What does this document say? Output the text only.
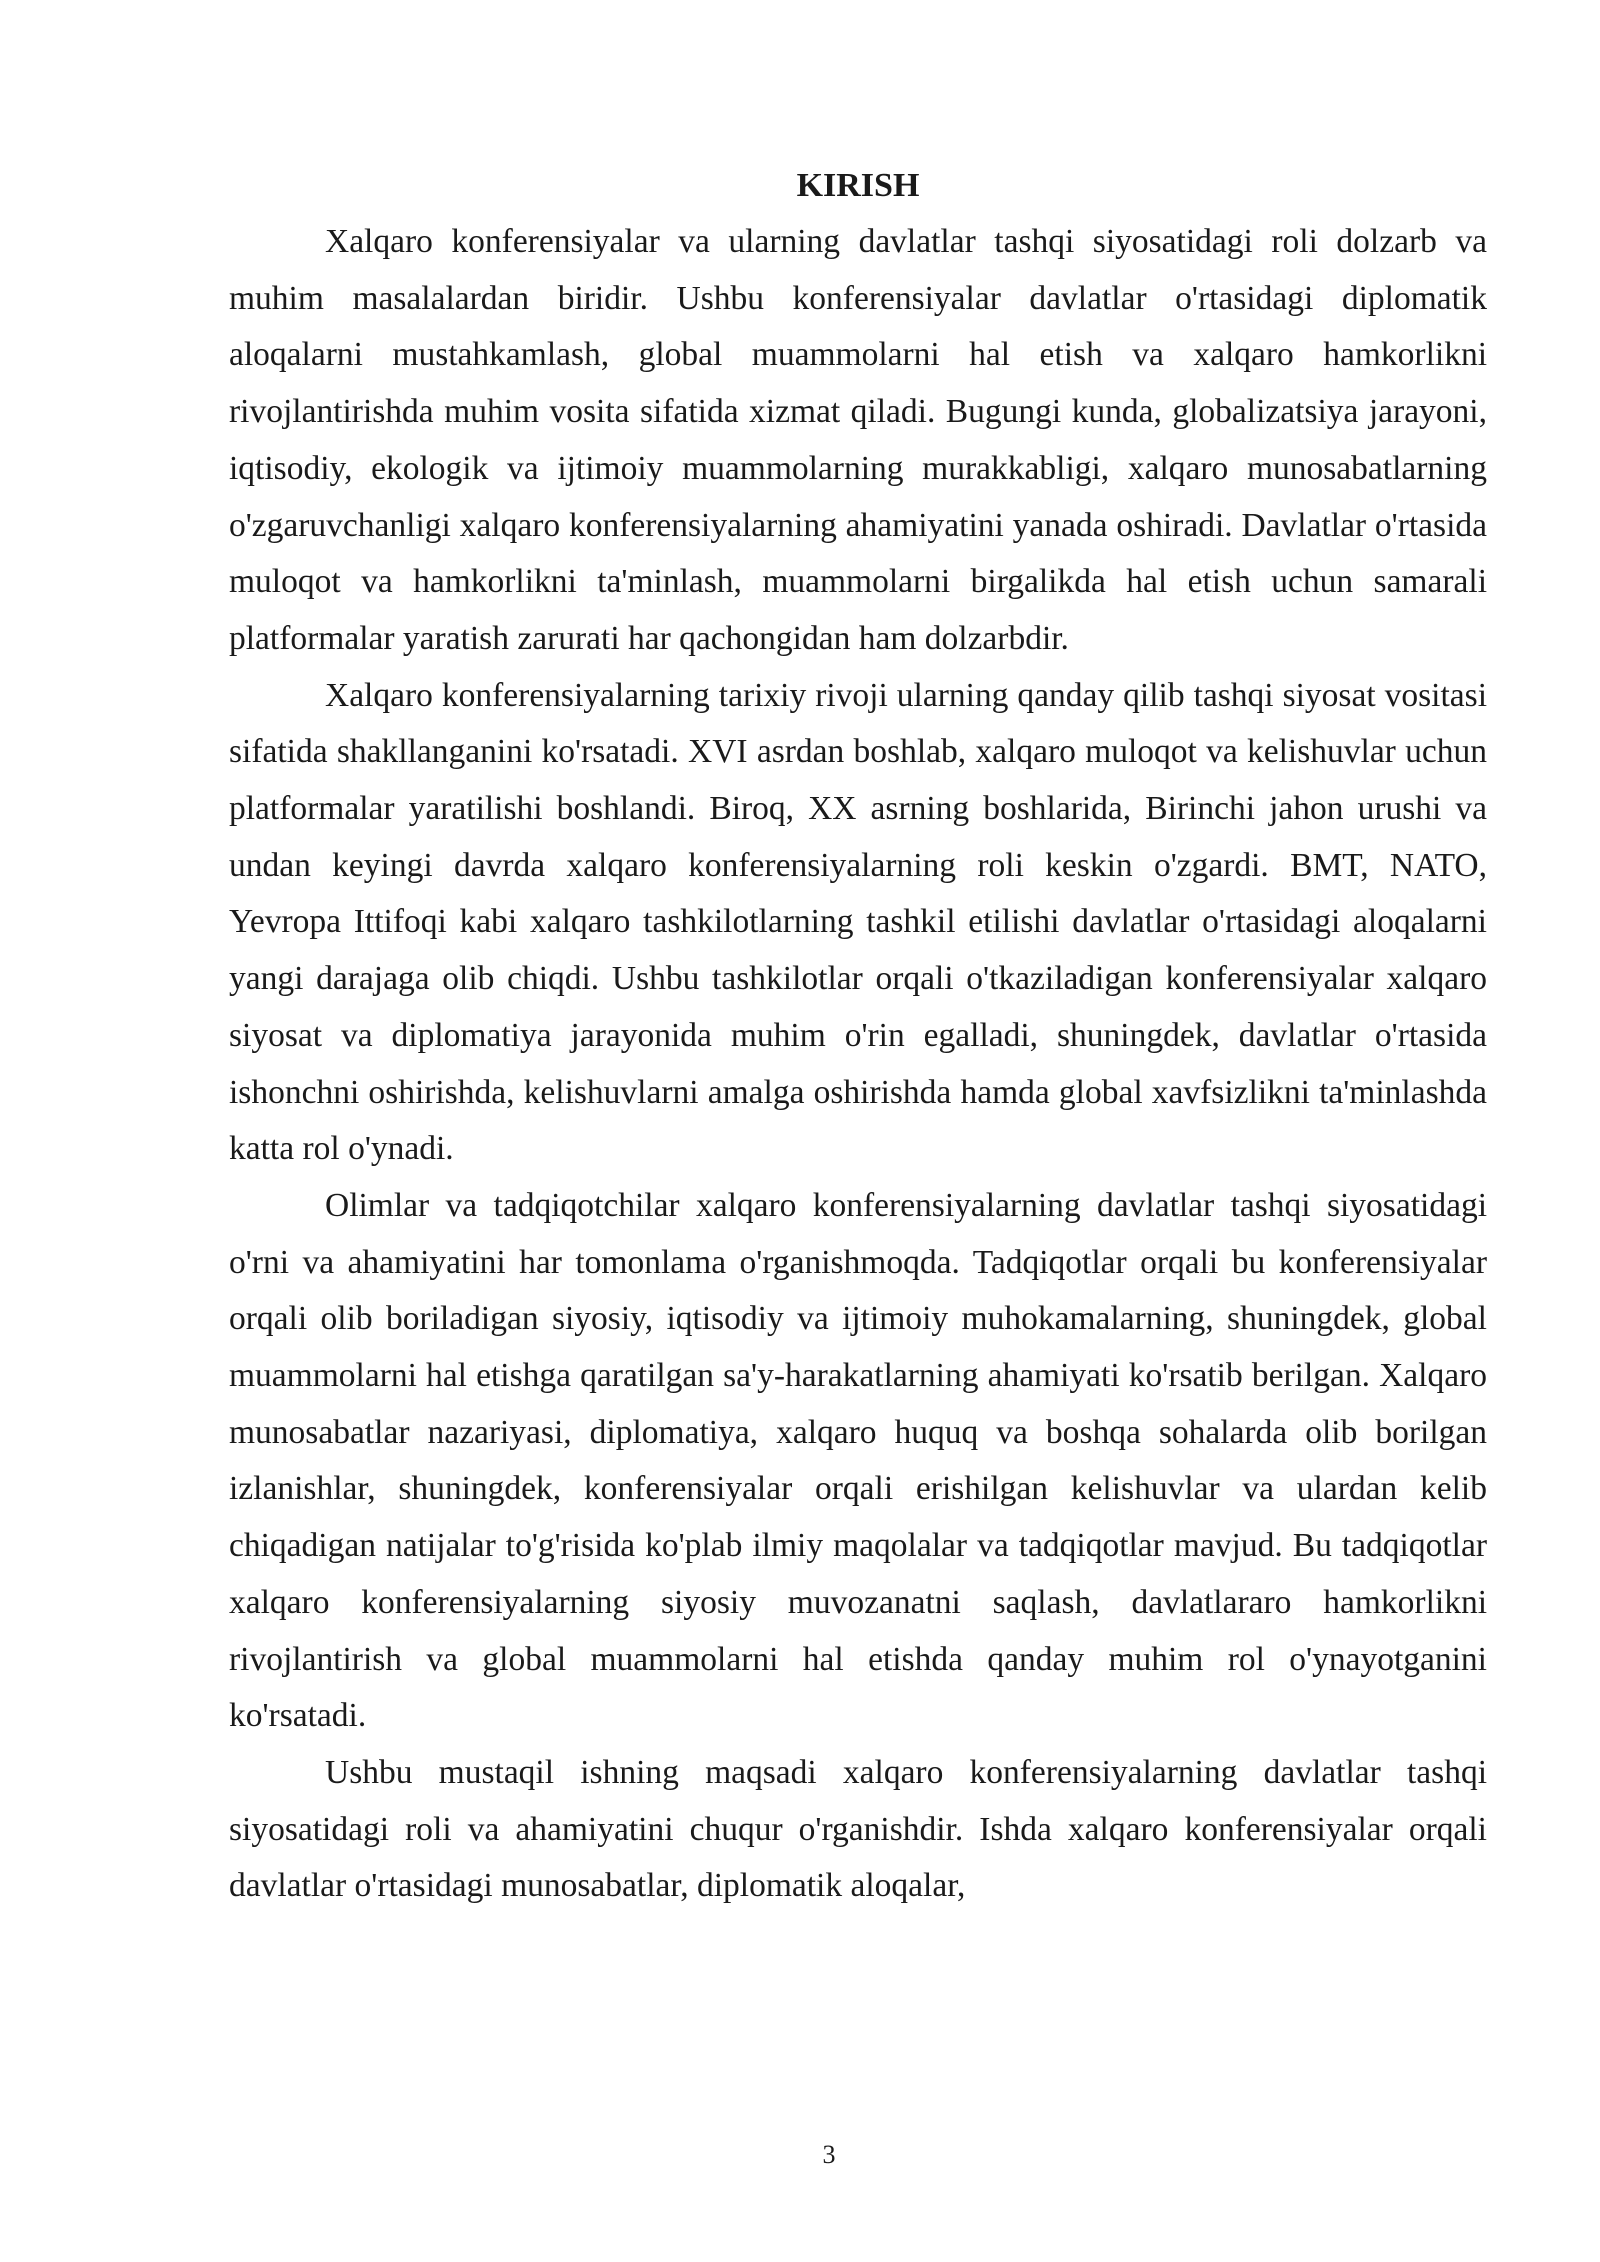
KIRISH

Xalqaro konferensiyalar va ularning davlatlar tashqi siyosatidagi roli dolzarb va muhim masalalardan biridir. Ushbu konferensiyalar davlatlar o'rtasidagi diplomatik aloqalarni mustahkamlash, global muammolarni hal etish va xalqaro hamkorlikni rivojlantirishda muhim vosita sifatida xizmat qiladi. Bugungi kunda, globalizatsiya jarayoni, iqtisodiy, ekologik va ijtimoiy muammolarning murakkabligi, xalqaro munosabatlarning o'zgaruvchanligi xalqaro konferensiyalarning ahamiyatini yanada oshiradi. Davlatlar o'rtasida muloqot va hamkorlikni ta'minlash, muammolarni birgalikda hal etish uchun samarali platformalar yaratish zarurati har qachongidan ham dolzarbdir.

Xalqaro konferensiyalarning tarixiy rivoji ularning qanday qilib tashqi siyosat vositasi sifatida shakllanganini ko'rsatadi. XVI asrdan boshlab, xalqaro muloqot va kelishuvlar uchun platformalar yaratilishi boshlandi. Biroq, XX asrning boshlarida, Birinchi jahon urushi va undan keyingi davrda xalqaro konferensiyalarning roli keskin o'zgardi. BMT, NATO, Yevropa Ittifoqi kabi xalqaro tashkilotlarning tashkil etilishi davlatlar o'rtasidagi aloqalarni yangi darajaga olib chiqdi. Ushbu tashkilotlar orqali o'tkaziladigan konferensiyalar xalqaro siyosat va diplomatiya jarayonida muhim o'rin egalladi, shuningdek, davlatlar o'rtasida ishonchni oshirishda, kelishuvlarni amalga oshirishda hamda global xavfsizlikni ta'minlashda katta rol o'ynadi.

Olimlar va tadqiqotchilar xalqaro konferensiyalarning davlatlar tashqi siyosatidagi o'rni va ahamiyatini har tomonlama o'rganishmoqda. Tadqiqotlar orqali bu konferensiyalar orqali olib boriladigan siyosiy, iqtisodiy va ijtimoiy muhokamalarning, shuningdek, global muammolarni hal etishga qaratilgan sa'y-harakatlarning ahamiyati ko'rsatib berilgan. Xalqaro munosabatlar nazariyasi, diplomatiya, xalqaro huquq va boshqa sohalarda olib borilgan izlanishlar, shuningdek, konferensiyalar orqali erishilgan kelishuvlar va ulardan kelib chiqadigan natijalar to'g'risida ko'plab ilmiy maqolalar va tadqiqotlar mavjud. Bu tadqiqotlar xalqaro konferensiyalarning siyosiy muvozanatni saqlash, davlatlararo hamkorlikni rivojlantirish va global muammolarni hal etishda qanday muhim rol o'ynayotganini ko'rsatadi.

Ushbu mustaqil ishning maqsadi xalqaro konferensiyalarning davlatlar tashqi siyosatidagi roli va ahamiyatini chuqur o'rganishdir. Ishda xalqaro konferensiyalar orqali davlatlar o'rtasidagi munosabatlar, diplomatik aloqalar,

3
